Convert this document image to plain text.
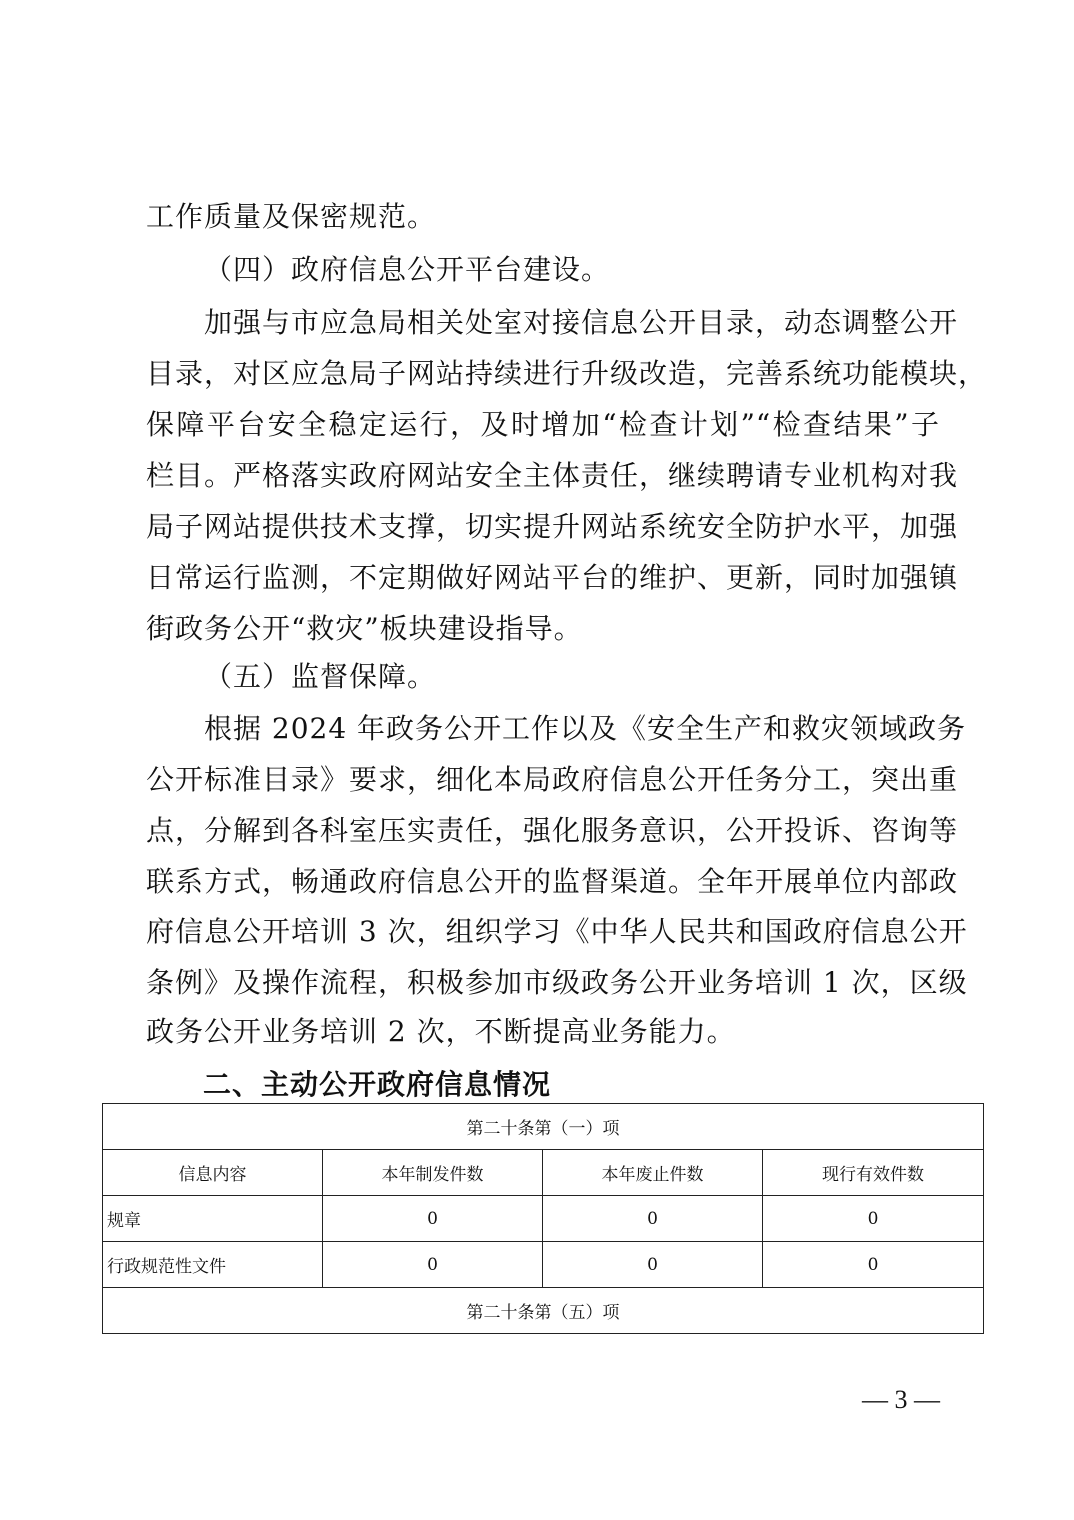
工作质量及保密规范。
（四）政府信息公开平台建设。
加强与市应急局相关处室对接信息公开目录，动态调整公开
目录，对区应急局子网站持续进行升级改造，完善系统功能模块，
保障平台安全稳定运行，及时增加“检查计划”“检查结果”子
栏目。严格落实政府网站安全主体责任，继续聘请专业机构对我
局子网站提供技术支撑，切实提升网站系统安全防护水平，加强
日常运行监测，不定期做好网站平台的维护、更新，同时加强镇
街政务公开“救灾”板块建设指导。
（五）监督保障。
根据 2024 年政务公开工作以及《安全生产和救灾领域政务
公开标准目录》要求，细化本局政府信息公开任务分工，突出重
点，分解到各科室压实责任，强化服务意识，公开投诉、咨询等
联系方式，畅通政府信息公开的监督渠道。全年开展单位内部政
府信息公开培训 3 次，组织学习《中华人民共和国政府信息公开
条例》及操作流程，积极参加市级政务公开业务培训 1 次，区级
政务公开业务培训 2 次，不断提高业务能力。
二、主动公开政府信息情况
第二十条第（一）项			
信息内容	本年制发件数	本年废止件数	现行有效件数
规章	0	0	0
行政规范性文件	0	0	0
第二十条第（五）项			
— 3 —
